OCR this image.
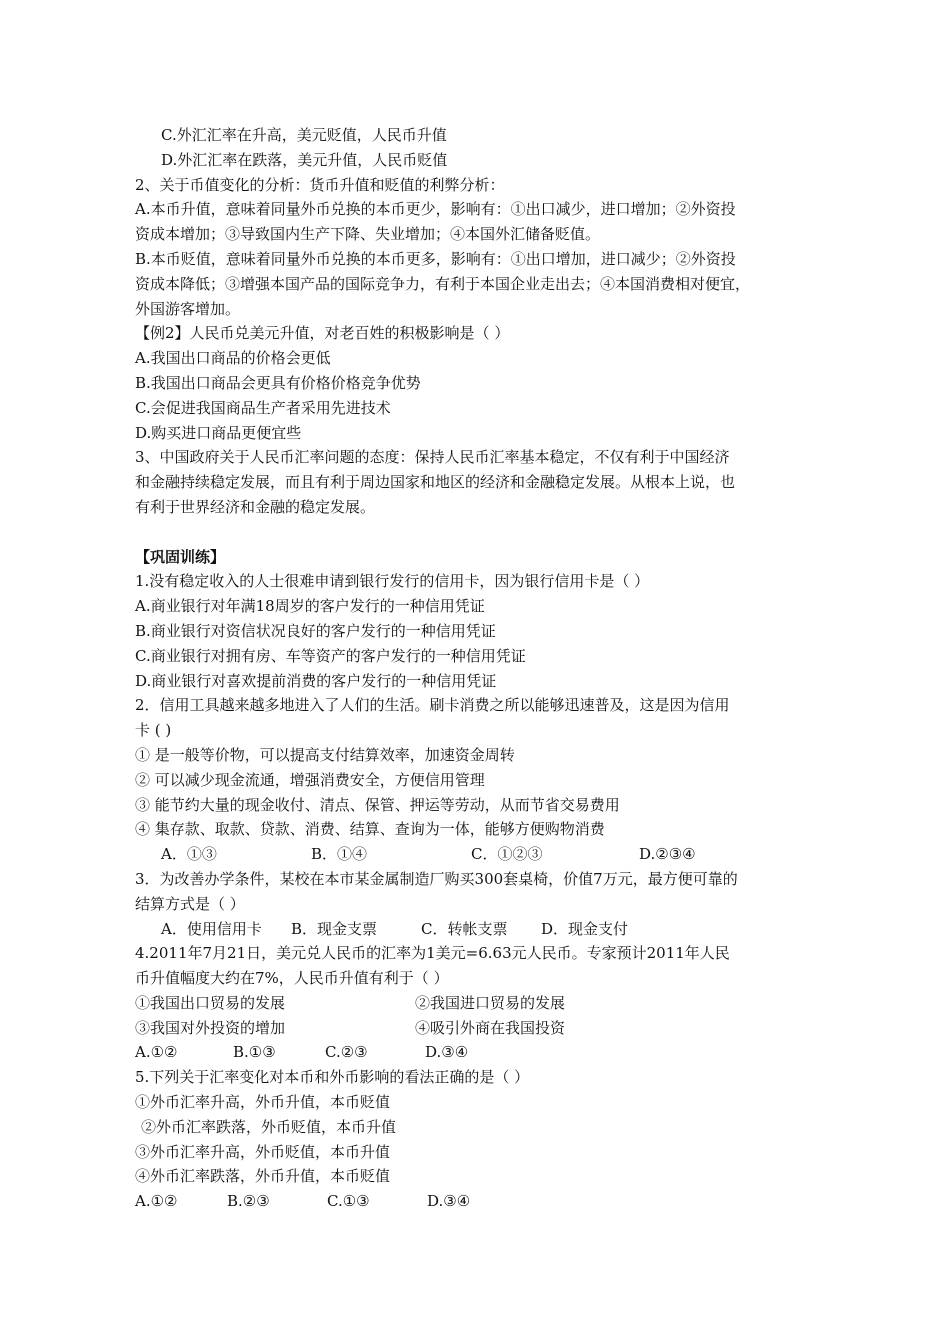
C.外汇汇率在升高，美元贬值，人民币升值
D.外汇汇率在跌落，美元升值，人民币贬值
2、关于币值变化的分析：货币升值和贬值的利弊分析：
A.本币升值，意味着同量外币兑换的本币更少，影响有：①出口减少，进口增加；②外资投
资成本增加；③导致国内生产下降、失业增加；④本国外汇储备贬值。
B.本币贬值，意味着同量外币兑换的本币更多，影响有：①出口增加，进口减少；②外资投
资成本降低；③增强本国产品的国际竞争力，有利于本国企业走出去；④本国消费相对便宜，
外国游客增加。
【例2】人民币兑美元升值，对老百姓的积极影响是（ ）
A.我国出口商品的价格会更低
B.我国出口商品会更具有价格价格竞争优势
C.会促进我国商品生产者采用先进技术
D.购买进口商品更便宜些
3、中国政府关于人民币汇率问题的态度：保持人民币汇率基本稳定，不仅有利于中国经济
和金融持续稳定发展，而且有利于周边国家和地区的经济和金融稳定发展。从根本上说，也
有利于世界经济和金融的稳定发展。
【巩固训练】
1.没有稳定收入的人士很难申请到银行发行的信用卡，因为银行信用卡是（ ）
A.商业银行对年满18周岁的客户发行的一种信用凭证
B.商业银行对资信状况良好的客户发行的一种信用凭证
C.商业银行对拥有房、车等资产的客户发行的一种信用凭证
D.商业银行对喜欢提前消费的客户发行的一种信用凭证
2．信用工具越来越多地进入了人们的生活。刷卡消费之所以能够迅速普及，这是因为信用
卡 ( )
① 是一般等价物，可以提高支付结算效率，加速资金周转
② 可以减少现金流通，增强消费安全，方便信用管理
③ 能节约大量的现金收付、清点、保管、押运等劳动，从而节省交易费用
④ 集存款、取款、贷款、消费、结算、查询为一体，能够方便购物消费
A．①③	B．①④	C．①②③	D.②③④
3．为改善办学条件，某校在本市某金属制造厂购买300套桌椅，价值7万元，最方便可靠的
结算方式是（ ）
A．使用信用卡	B．现金支票	C．转帐支票	D．现金支付
4.2011年7月21日，美元兑人民币的汇率为1美元=6.63元人民币。专家预计2011年人民
币升值幅度大约在7%，人民币升值有利于（ ）
①我国出口贸易的发展	②我国进口贸易的发展
③我国对外投资的增加	④吸引外商在我国投资
A.①②	B.①③	C.②③	D.③④
5.下列关于汇率变化对本币和外币影响的看法正确的是（ ）
①外币汇率升高，外币升值，本币贬值
②外币汇率跌落，外币贬值，本币升值
③外币汇率升高，外币贬值，本币升值
④外币汇率跌落，外币升值，本币贬值
A.①②	B.②③	C.①③	D.③④
